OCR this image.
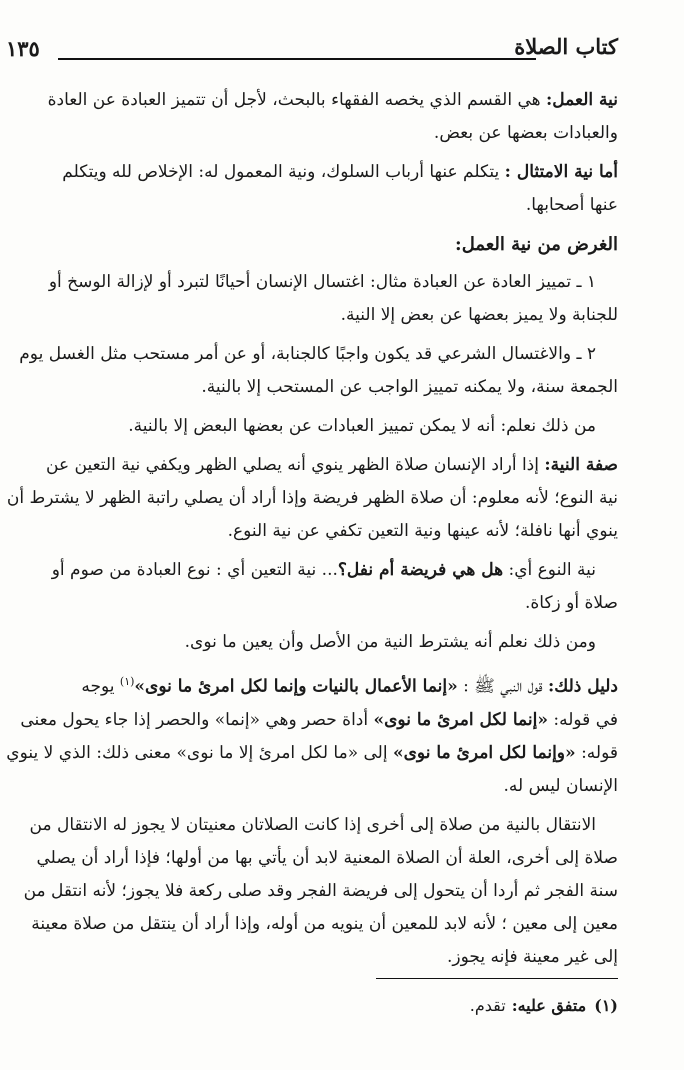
١٣٥	كتاب الصلاة
نية العمل: هي القسم الذي يخصه الفقهاء بالبحث، لأجل أن تتميز العبادة عن العادة
والعبادات بعضها عن بعض.
أما نية الامتثال : يتكلم عنها أرباب السلوك، ونية المعمول له: الإخلاص لله ويتكلم
عنها أصحابها.
الغرض من نية العمل:
١ ـ تمييز العادة عن العبادة مثال: اغتسال الإنسان أحيانًا لتبرد أو لإزالة الوسخ أو
للجنابة ولا يميز بعضها عن بعض إلا النية.
٢ ـ والاغتسال الشرعي قد يكون واجبًا كالجنابة، أو عن أمر مستحب مثل الغسل يوم
الجمعة سنة، ولا يمكنه تمييز الواجب عن المستحب إلا بالنية.
من ذلك نعلم: أنه لا يمكن تمييز العبادات عن بعضها البعض إلا بالنية.
صفة النية: إذا أراد الإنسان صلاة الظهر ينوي أنه يصلي الظهر ويكفي نية التعين عن
نية النوع؛ لأنه معلوم: أن صلاة الظهر فريضة وإذا أراد أن يصلي راتبة الظهر لا يشترط أن
ينوي أنها نافلة؛ لأنه عينها ونية التعين تكفي عن نية النوع.
نية النوع أي: هل هي فريضة أم نفل؟... نية التعين أي : نوع العبادة من صوم أو
صلاة أو زكاة.
ومن ذلك نعلم أنه يشترط النية من الأصل وأن يعين ما نوى.
دليل ذلك: قول النبي ﷺ : «إنما الأعمال بالنيات وإنما لكل امرئ ما نوى»$^{(١)}$ يوجه
في قوله: «إنما لكل امرئ ما نوى» أداة حصر وهي «إنما» والحصر إذا جاء يحول معنى
قوله: «وإنما لكل امرئ ما نوى» إلى «ما لكل امرئ إلا ما نوى» معنى ذلك: الذي لا ينوي
الإنسان ليس له.
الانتقال بالنية من صلاة إلى أخرى إذا كانت الصلاتان معنيتان لا يجوز له الانتقال من
صلاة إلى أخرى، العلة أن الصلاة المعنية لابد أن يأتي بها من أولها؛ فإذا أراد أن يصلي
سنة الفجر ثم أردا أن يتحول إلى فريضة الفجر وقد صلى ركعة فلا يجوز؛ لأنه انتقل من
معين إلى معين ؛ لأنه لابد للمعين أن ينويه من أوله، وإذا أراد أن ينتقل من صلاة معينة
إلى غير معينة فإنه يجوز.
(١)متفق عليه:تقدم.
